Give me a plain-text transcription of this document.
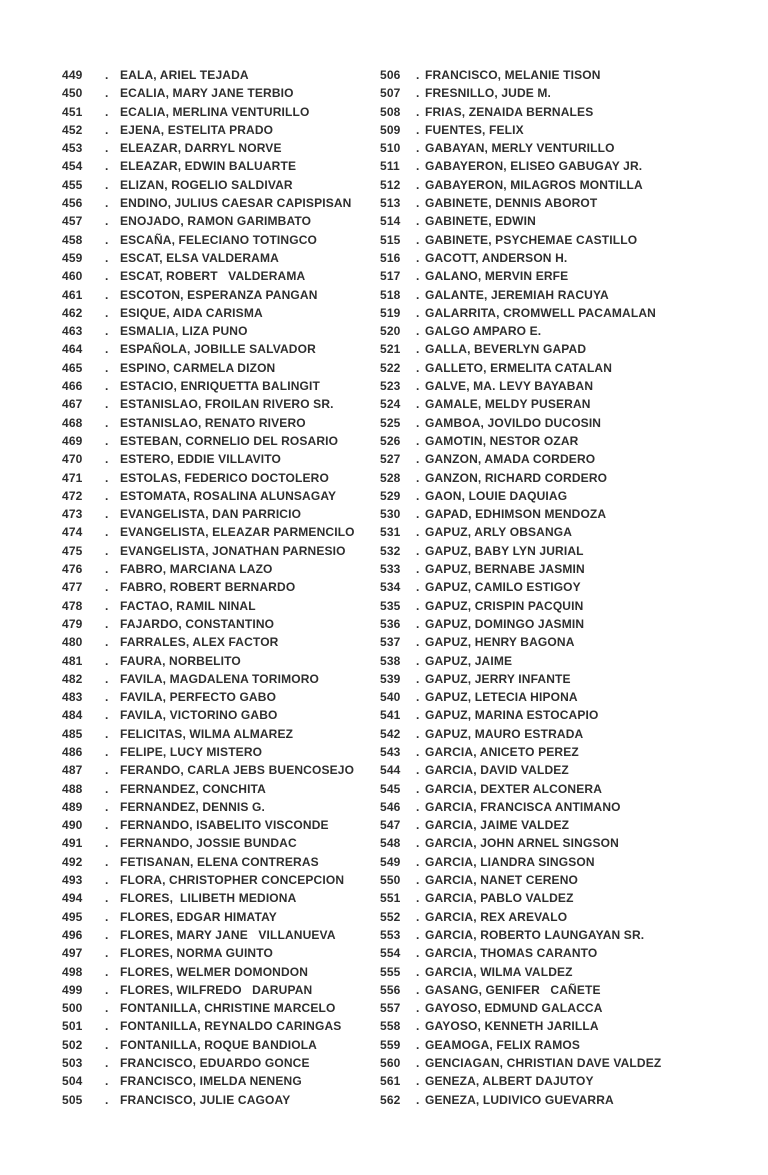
449	. EALA, ARIEL TEJADA
450	. ECALIA, MARY JANE TERBIO
451	. ECALIA, MERLINA VENTURILLO
452	. EJENA, ESTELITA PRADO
453	. ELEAZAR, DARRYL NORVE
454	. ELEAZAR, EDWIN BALUARTE
455	. ELIZAN, ROGELIO SALDIVAR
456	. ENDINO, JULIUS CAESAR CAPISPISAN
457	. ENOJADO, RAMON GARIMBATO
458	. ESCAÑA, FELECIANO TOTINGCO
459	. ESCAT, ELSA VALDERAMA
460	. ESCAT, ROBERT   VALDERAMA
461	. ESCOTON, ESPERANZA PANGAN
462	. ESIQUE, AIDA CARISMA
463	. ESMALIA, LIZA PUNO
464	. ESPAÑOLA, JOBILLE SALVADOR
465	. ESPINO, CARMELA DIZON
466	. ESTACIO, ENRIQUETTA BALINGIT
467	. ESTANISLAO, FROILAN RIVERO SR.
468	. ESTANISLAO, RENATO RIVERO
469	. ESTEBAN, CORNELIO DEL ROSARIO
470	. ESTERO, EDDIE VILLAVITO
471	. ESTOLAS, FEDERICO DOCTOLERO
472	. ESTOMATA, ROSALINA ALUNSAGAY
473	. EVANGELISTA, DAN PARRICIO
474	. EVANGELISTA, ELEAZAR PARMENCILO
475	. EVANGELISTA, JONATHAN PARNESIO
476	. FABRO, MARCIANA LAZO
477	. FABRO, ROBERT BERNARDO
478	. FACTAO, RAMIL NINAL
479	. FAJARDO, CONSTANTINO
480	. FARRALES, ALEX FACTOR
481	. FAURA, NORBELITO
482	. FAVILA, MAGDALENA TORIMORO
483	. FAVILA, PERFECTO GABO
484	. FAVILA, VICTORINO GABO
485	. FELICITAS, WILMA ALMAREZ
486	. FELIPE, LUCY MISTERO
487	. FERANDO, CARLA JEBS BUENCOSEJO
488	. FERNANDEZ, CONCHITA
489	. FERNANDEZ, DENNIS G.
490	. FERNANDO, ISABELITO VISCONDE
491	. FERNANDO, JOSSIE BUNDAC
492	. FETISANAN, ELENA CONTRERAS
493	. FLORA, CHRISTOPHER CONCEPCION
494	. FLORES,  LILIBETH MEDIONA
495	. FLORES, EDGAR HIMATAY
496	. FLORES, MARY JANE   VILLANUEVA
497	. FLORES, NORMA GUINTO
498	. FLORES, WELMER DOMONDON
499	. FLORES, WILFREDO   DARUPAN
500	. FONTANILLA, CHRISTINE MARCELO
501	. FONTANILLA, REYNALDO CARINGAS
502	. FONTANILLA, ROQUE BANDIOLA
503	. FRANCISCO, EDUARDO GONCE
504	. FRANCISCO, IMELDA NENENG
505	. FRANCISCO, JULIE CAGOAY
506	. FRANCISCO, MELANIE TISON
507	. FRESNILLO, JUDE M.
508	. FRIAS, ZENAIDA BERNALES
509	. FUENTES, FELIX
510	. GABAYAN, MERLY VENTURILLO
511	. GABAYERON, ELISEO GABUGAY JR.
512	. GABAYERON, MILAGROS MONTILLA
513	. GABINETE, DENNIS ABOROT
514	. GABINETE, EDWIN
515	. GABINETE, PSYCHEMAE CASTILLO
516	. GACOTT, ANDERSON H.
517	. GALANO, MERVIN ERFE
518	. GALANTE, JEREMIAH RACUYA
519	. GALARRITA, CROMWELL PACAMALAN
520	. GALGO AMPARO E.
521	. GALLA, BEVERLYN GAPAD
522	. GALLETO, ERMELITA CATALAN
523	. GALVE, MA. LEVY BAYABAN
524	. GAMALE, MELDY PUSERAN
525	. GAMBOA, JOVILDO DUCOSIN
526	. GAMOTIN, NESTOR OZAR
527	. GANZON, AMADA CORDERO
528	. GANZON, RICHARD CORDERO
529	. GAON, LOUIE DAQUIAG
530	. GAPAD, EDHIMSON MENDOZA
531	. GAPUZ, ARLY OBSANGA
532	. GAPUZ, BABY LYN JURIAL
533	. GAPUZ, BERNABE JASMIN
534	. GAPUZ, CAMILO ESTIGOY
535	. GAPUZ, CRISPIN PACQUIN
536	. GAPUZ, DOMINGO JASMIN
537	. GAPUZ, HENRY BAGONA
538	. GAPUZ, JAIME
539	. GAPUZ, JERRY INFANTE
540	. GAPUZ, LETECIA HIPONA
541	. GAPUZ, MARINA ESTOCAPIO
542	. GAPUZ, MAURO ESTRADA
543	. GARCIA, ANICETO PEREZ
544	. GARCIA, DAVID VALDEZ
545	. GARCIA, DEXTER ALCONERA
546	. GARCIA, FRANCISCA ANTIMANO
547	. GARCIA, JAIME VALDEZ
548	. GARCIA, JOHN ARNEL SINGSON
549	. GARCIA, LIANDRA SINGSON
550	. GARCIA, NANET CERENO
551	. GARCIA, PABLO VALDEZ
552	. GARCIA, REX AREVALO
553	. GARCIA, ROBERTO LAUNGAYAN SR.
554	. GARCIA, THOMAS CARANTO
555	. GARCIA, WILMA VALDEZ
556	. GASANG, GENIFER   CAÑETE
557	. GAYOSO, EDMUND GALACCA
558	. GAYOSO, KENNETH JARILLA
559	. GEAMOGA, FELIX RAMOS
560	. GENCIAGAN, CHRISTIAN DAVE VALDEZ
561	. GENEZA, ALBERT DAJUTOY
562	. GENEZA, LUDIVICO GUEVARRA
